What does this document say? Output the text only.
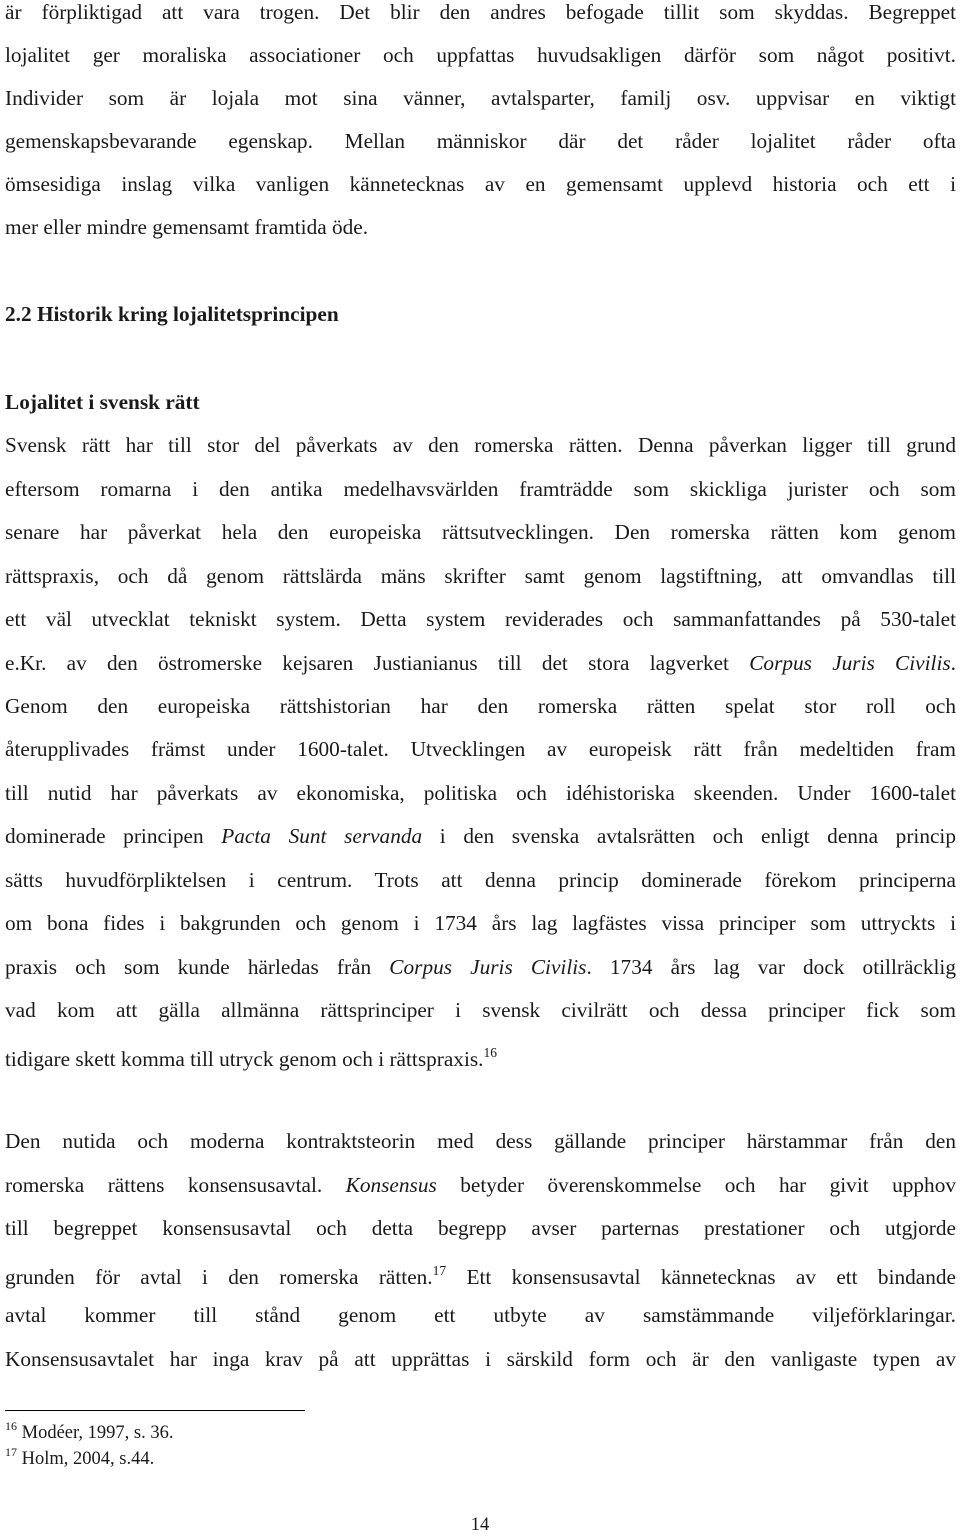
är förpliktigad att vara trogen. Det blir den andres befogade tillit som skyddas. Begreppet
lojalitet ger moraliska associationer och uppfattas huvudsakligen därför som något positivt.
Individer som är lojala mot sina vänner, avtalsparter, familj osv. uppvisar en viktigt
gemenskapsbevarande egenskap. Mellan människor där det råder lojalitet råder ofta
ömsesidiga inslag vilka vanligen kännetecknas av en gemensamt upplevd historia och ett i
mer eller mindre gemensamt framtida öde.
2.2 Historik kring lojalitetsprincipen
Lojalitet i svensk rätt
Svensk rätt har till stor del påverkats av den romerska rätten. Denna påverkan ligger till grund
eftersom romarna i den antika medelhavsvärlden framträdde som skickliga jurister och som
senare har påverkat hela den europeiska rättsutvecklingen. Den romerska rätten kom genom
rättspraxis, och då genom rättslärda mäns skrifter samt genom lagstiftning, att omvandlas till
ett väl utvecklat tekniskt system. Detta system reviderades och sammanfattandes på 530-talet
e.Kr. av den östromerske kejsaren Justianianus till det stora lagverket Corpus Juris Civilis.
Genom den europeiska rättshistorian har den romerska rätten spelat stor roll och
återupplivades främst under 1600-talet. Utvecklingen av europeisk rätt från medeltiden fram
till nutid har påverkats av ekonomiska, politiska och idéhistoriska skeenden. Under 1600-talet
dominerade principen Pacta Sunt servanda i den svenska avtalsrätten och enligt denna princip
sätts huvudförpliktelsen i centrum. Trots att denna princip dominerade förekom principerna
om bona fides i bakgrunden och genom i 1734 års lag lagfästes vissa principer som uttryckts i
praxis och som kunde härledas från Corpus Juris Civilis. 1734 års lag var dock otillräcklig
vad kom att gälla allmänna rättsprinciper i svensk civilrätt och dessa principer fick som
tidigare skett komma till utryck genom och i rättspraxis.$^{16}$
Den nutida och moderna kontraktsteorin med dess gällande principer härstammar från den
romerska rättens konsensusavtal. Konsensus betyder överenskommelse och har givit upphov
till begreppet konsensusavtal och detta begrepp avser parternas prestationer och utgjorde
grunden för avtal i den romerska rätten.$^{17}$ Ett konsensusavtal kännetecknas av ett bindande
avtal kommer till stånd genom ett utbyte av samstämmande viljeförklaringar.
Konsensusavtalet har inga krav på att upprättas i särskild form och är den vanligaste typen av
$^{16}$ Modéer, 1997, s. 36.
$^{17}$ Holm, 2004, s.44.
14
